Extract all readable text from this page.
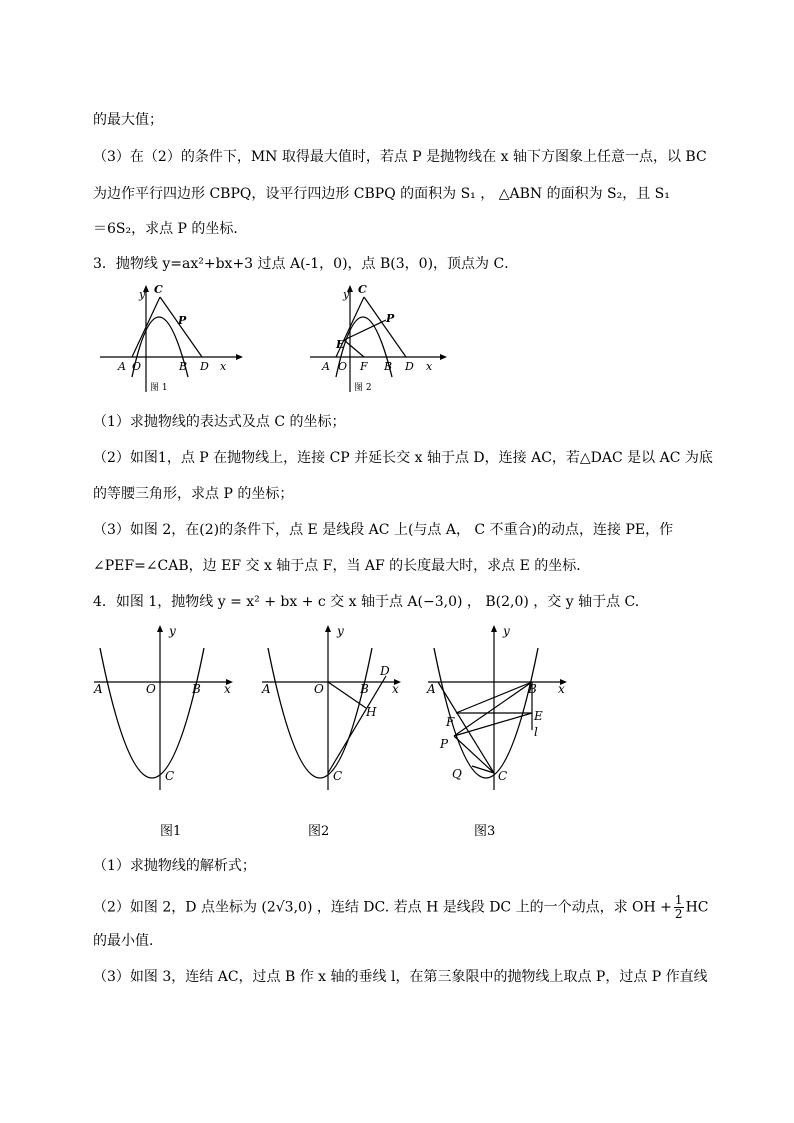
的最大值；
（3）在（2）的条件下，MN 取得最大值时，若点 P 是抛物线在 x 轴下方图象上任意一点，以 BC
为边作平行四边形 CBPQ，设平行四边形 CBPQ 的面积为 S₁ ， △ABN 的面积为 S₂，且 S₁
＝6S₂，求点 P 的坐标．
3．抛物线 y=ax²+bx+3 过点 A(-1，0)，点 B(3，0)，顶点为 C．
y C
P
A O	B D x
图 1
y C
P
E
A O F B D x
图 2
（1）求抛物线的表达式及点 C 的坐标；
（2）如图1，点 P 在抛物线上，连接 CP 并延长交 x 轴于点 D，连接 AC，若△DAC 是以 AC 为底
的等腰三角形，求点 P 的坐标；
（3）如图 2，在(2)的条件下，点 E 是线段 AC 上(与点 A， C 不重合)的动点，连接 PE，作
∠PEF=∠CAB，边 EF 交 x 轴于点 F，当 AF 的长度最大时，求点 E 的坐标．
4．如图 1，抛物线 y = x² + bx + c 交 x 轴于点 A(−3,0) ， B(2,0) ，交 y 轴于点 C.
y
A	O	B x
C
y
D
A	O	B x
H
C
y
A	B x
F	E
l
P
Q	C
图1	图2	图3
（1）求抛物线的解析式；
（2）如图 2，D 点坐标为 (2√3,0) ，连结 DC. 若点 H 是线段 DC 上的一个动点，求 OH + $\frac{1}{2}$ HC
的最小值.
（3）如图 3，连结 AC，过点 B 作 x 轴的垂线 l，在第三象限中的抛物线上取点 P，过点 P 作直线
